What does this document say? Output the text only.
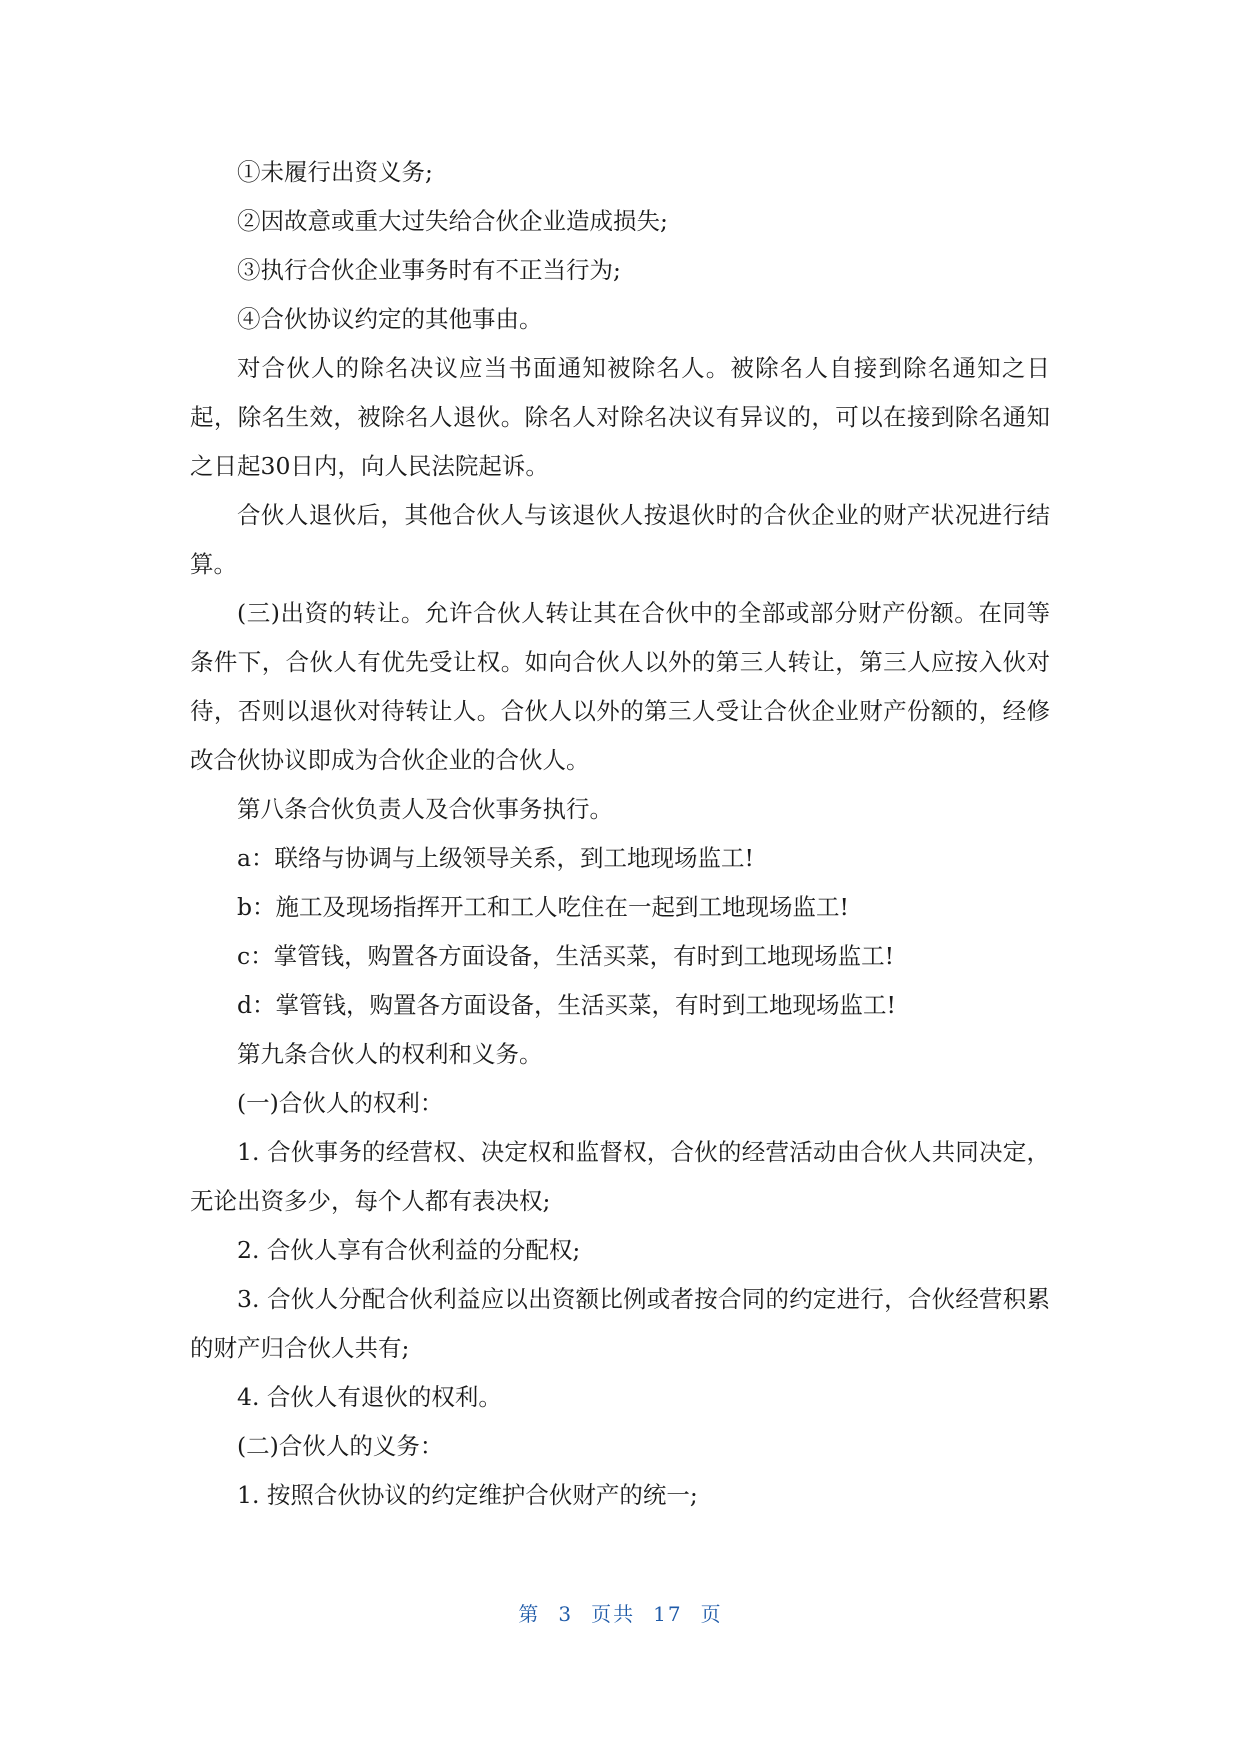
①未履行出资义务;

②因故意或重大过失给合伙企业造成损失;

③执行合伙企业事务时有不正当行为;

④合伙协议约定的其他事由。

对合伙人的除名决议应当书面通知被除名人。被除名人自接到除名通知之日起，除名生效，被除名人退伙。除名人对除名决议有异议的，可以在接到除名通知之日起30日内，向人民法院起诉。

合伙人退伙后，其他合伙人与该退伙人按退伙时的合伙企业的财产状况进行结算。

(三)出资的转让。允许合伙人转让其在合伙中的全部或部分财产份额。在同等条件下，合伙人有优先受让权。如向合伙人以外的第三人转让，第三人应按入伙对待，否则以退伙对待转让人。合伙人以外的第三人受让合伙企业财产份额的，经修改合伙协议即成为合伙企业的合伙人。

第八条合伙负责人及合伙事务执行。

a：联络与协调与上级领导关系，到工地现场监工!

b：施工及现场指挥开工和工人吃住在一起到工地现场监工!

c：掌管钱，购置各方面设备，生活买菜，有时到工地现场监工!

d：掌管钱，购置各方面设备，生活买菜，有时到工地现场监工!

第九条合伙人的权利和义务。

(一)合伙人的权利：

1. 合伙事务的经营权、决定权和监督权，合伙的经营活动由合伙人共同决定，无论出资多少，每个人都有表决权;

2. 合伙人享有合伙利益的分配权;

3. 合伙人分配合伙利益应以出资额比例或者按合同的约定进行，合伙经营积累的财产归合伙人共有;

4. 合伙人有退伙的权利。

(二)合伙人的义务：

1. 按照合伙协议的约定维护合伙财产的统一;

第 3 页共 17 页
